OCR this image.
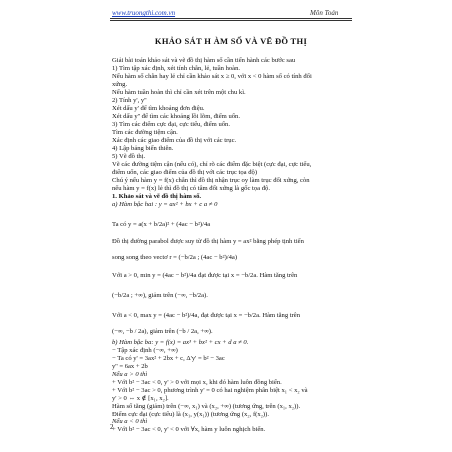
www.truongthi.com.vn	Môn Toán
KHẢO SÁT H ÀM SỐ VÀ VẼ ĐỒ THỊ
Giải bài toán khảo sát và vẽ đồ thị hàm số cần tiến hành các bước sau
1) Tìm tập xác định, xét tính chẵn, lẻ, tuần hoàn.
Nếu hàm số chẵn hay lẻ chỉ cần khảo sát x ≥ 0, với x < 0 hàm số có tính đối
xứng.
Nếu hàm tuần hoàn thì chỉ cần xét trên một chu kì.
2) Tính y', y''
Xét dấu y' để tìm khoảng đơn điệu.
Xét dấu y'' để tìm các khoảng lồi lõm, điểm uốn.
3) Tìm các điểm cực đại, cực tiểu, điểm uốn.
Tìm các đường tiệm cận.
Xác định các giao điểm của đồ thị với các trục.
4) Lập bảng biến thiên.
5) Vẽ đồ thị.
Vẽ các đường tiệm cận (nếu có), chỉ rõ các điểm đặc biệt (cực đại, cực tiểu,
điểm uốn, các giao điểm của đồ thị với các trục tọa độ)
Chú ý nếu hàm y = f(x) chẵn thì đồ thị nhận trục oy làm trục đối xứng, còn
nếu hàm y = f(x) lẻ thì đồ thị có tâm đối xứng là gốc tọa độ.
1. Khảo sát và vẽ đồ thị hàm số.
a) Hàm bậc hai : y = ax² + bx + c a ≠ 0
Ta có y = a(x + b/2a)² + (4ac − b²)/4a
Đồ thị đường parabol được suy từ đồ thị hàm y = ax² bằng phép tịnh tiến
song song theo vectơ r = (−b/2a ; (4ac − b²)/4a)
Với a > 0, min y = (4ac − b²)/4a đạt được tại x = −b/2a. Hàm tăng trên
(−b/2a ; +∞), giảm trên (−∞, −b/2a).
Với a < 0, max y = (4ac − b²)/4a, đạt được tại x = −b/2a. Hàm tăng trên
(−∞, −b / 2a), giảm trên (−b / 2a, +∞).
b) Hàm bậc ba: y = f(x) = ax³ + bx² + cx + d a ≠ 0.
− Tập xác định (−∞, +∞)
− Ta có y' = 3ax² + 2bx + c, Δ'y' = b² − 3ac
y'' = 6ax + 2b
Nếu a > 0 thì
+ Với b² − 3ac < 0, y' > 0 với mọi x, khi đó hàm luôn đồng biến.
+ Với b² − 3ac > 0, phương trình y' = 0 có hai nghiệm phân biệt x₁ < x₂ và
y' > 0 ⇔ x ∉ [x₁, x₂].
Hàm số tăng (giảm) trên (−∞, x₁) và (x₂, +∞) (tương ứng, trên (x₁, x₂)).
Điểm cực đại (cực tiểu) là (x₁, y(x₁)) (tương ứng (x₂, f(x₂)).
Nếu a < 0 thì
+ Với b² − 3ac < 0, y' < 0 với ∀x, hàm y luôn nghịch biến.
2
